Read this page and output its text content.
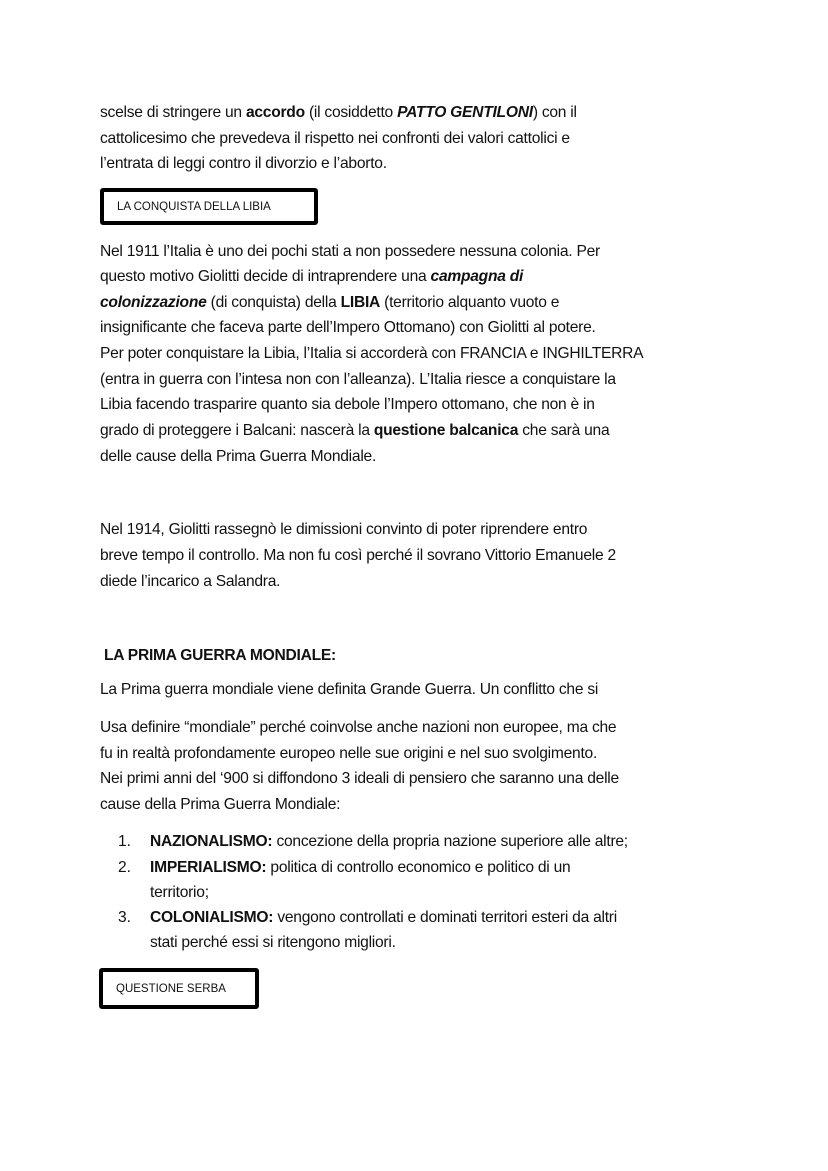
LA CONQUISTA DELLA LIBIA
QUESTIONE SERBA
scelse di stringere un accordo (il cosiddetto PATTO GENTILONI) con il
cattolicesimo che prevedeva il rispetto nei confronti dei valori cattolici e
l’entrata di leggi contro il divorzio e l’aborto.
Nel 1911 l’Italia è uno dei pochi stati a non possedere nessuna colonia. Per
questo motivo Giolitti decide di intraprendere una campagna di
colonizzazione (di conquista) della LIBIA (territorio alquanto vuoto e
insignificante che faceva parte dell’Impero Ottomano) con Giolitti al potere.
Per poter conquistare la Libia, l’Italia si accorderà con FRANCIA e INGHILTERRA
(entra in guerra con l’intesa non con l’alleanza). L’Italia riesce a conquistare la
Libia facendo trasparire quanto sia debole l’Impero ottomano, che non è in
grado di proteggere i Balcani: nascerà la questione balcanica che sarà una
delle cause della Prima Guerra Mondiale.
Nel 1914, Giolitti rassegnò le dimissioni convinto di poter riprendere entro
breve tempo il controllo. Ma non fu così perché il sovrano Vittorio Emanuele 2
diede l’incarico a Salandra.
LA PRIMA GUERRA MONDIALE:
La Prima guerra mondiale viene definita Grande Guerra. Un conflitto che si
Usa definire “mondiale” perché coinvolse anche nazioni non europee, ma che
fu in realtà profondamente europeo nelle sue origini e nel suo svolgimento.
Nei primi anni del ‘900 si diffondono 3 ideali di pensiero che saranno una delle
cause della Prima Guerra Mondiale:
NAZIONALISMO: concezione della propria nazione superiore alle altre;
1.
IMPERIALISMO: politica di controllo economico e politico di un
2.
territorio;
COLONIALISMO: vengono controllati e dominati territori esteri da altri
3.
stati perché essi si ritengono migliori.
